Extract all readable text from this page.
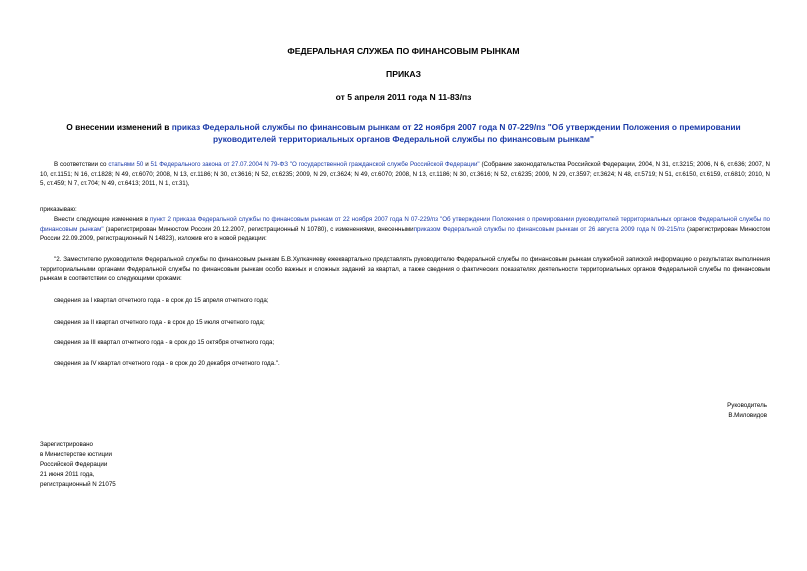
ФЕДЕРАЛЬНАЯ СЛУЖБА ПО ФИНАНСОВЫМ РЫНКАМ
ПРИКАЗ
от 5 апреля 2011 года N 11-83/пз
О внесении изменений в приказ Федеральной службы по финансовым рынкам от 22 ноября 2007 года N 07-229/пз "Об утверждении Положения о премировании руководителей территориальных органов Федеральной службы по финансовым рынкам"
В соответствии со статьями 50 и 51 Федерального закона от 27.07.2004 N 79-ФЗ "О государственной гражданской службе Российской Федерации" (Собрание законодательства Российской Федерации, 2004, N 31, ст.3215; 2006, N 6, ст.636; 2007, N 10, ст.1151; N 16, ст.1828; N 49, ст.6070; 2008, N 13, ст.1186; N 30, ст.3616; N 52, ст.6235; 2009, N 29, ст.3624; N 49, ст.6070; 2008, N 13, ст.1186; N 30, ст.3616; N 52, ст.6235; 2009, N 29, ст.3597; ст.3624; N 48, ст.5719; N 51, ст.6150, ст.6159, ст.6810; 2010, N 5, ст.459; N 7, ст.704; N 49, ст.6413; 2011, N 1, ст.31),
приказываю:
Внести следующие изменения в пункт 2 приказа Федеральной службы по финансовым рынкам от 22 ноября 2007 года N 07-229/пз "Об утверждении Положения о премировании руководителей территориальных органов Федеральной службы по финансовым рынкам" (зарегистрирован Минюстом России 20.12.2007, регистрационный N 10780), с изменениями, внесеннымиприказом Федеральной службы по финансовым рынкам от 26 августа 2009 года N 09-215/пз (зарегистрирован Минюстом России 22.09.2009, регистрационный N 14823), изложив его в новой редакции:
"2. Заместителю руководителя Федеральной службы по финансовым рынкам Б.В.Хулкачиеву ежеквартально представлять руководителю Федеральной службы по финансовым рынкам служебной запиской информацию о результатах выполнения территориальными органами Федеральной службы по финансовым рынкам особо важных и сложных заданий за квартал, а также сведения о фактических показателях деятельности территориальных органов Федеральной службы по финансовым рынкам в соответствии со следующими сроками:
сведения за I квартал отчетного года - в срок до 15 апреля отчетного года;
сведения за II квартал отчетного года - в срок до 15 июля отчетного года;
сведения за III квартал отчетного года - в срок до 15 октября отчетного года;
сведения за IV квартал отчетного года - в срок до 20 декабря отчетного года.".
Руководитель
В.Миловидов
Зарегистрировано
в Министерстве юстиции
Российской Федерации
21 июня 2011 года,
регистрационный N 21075
